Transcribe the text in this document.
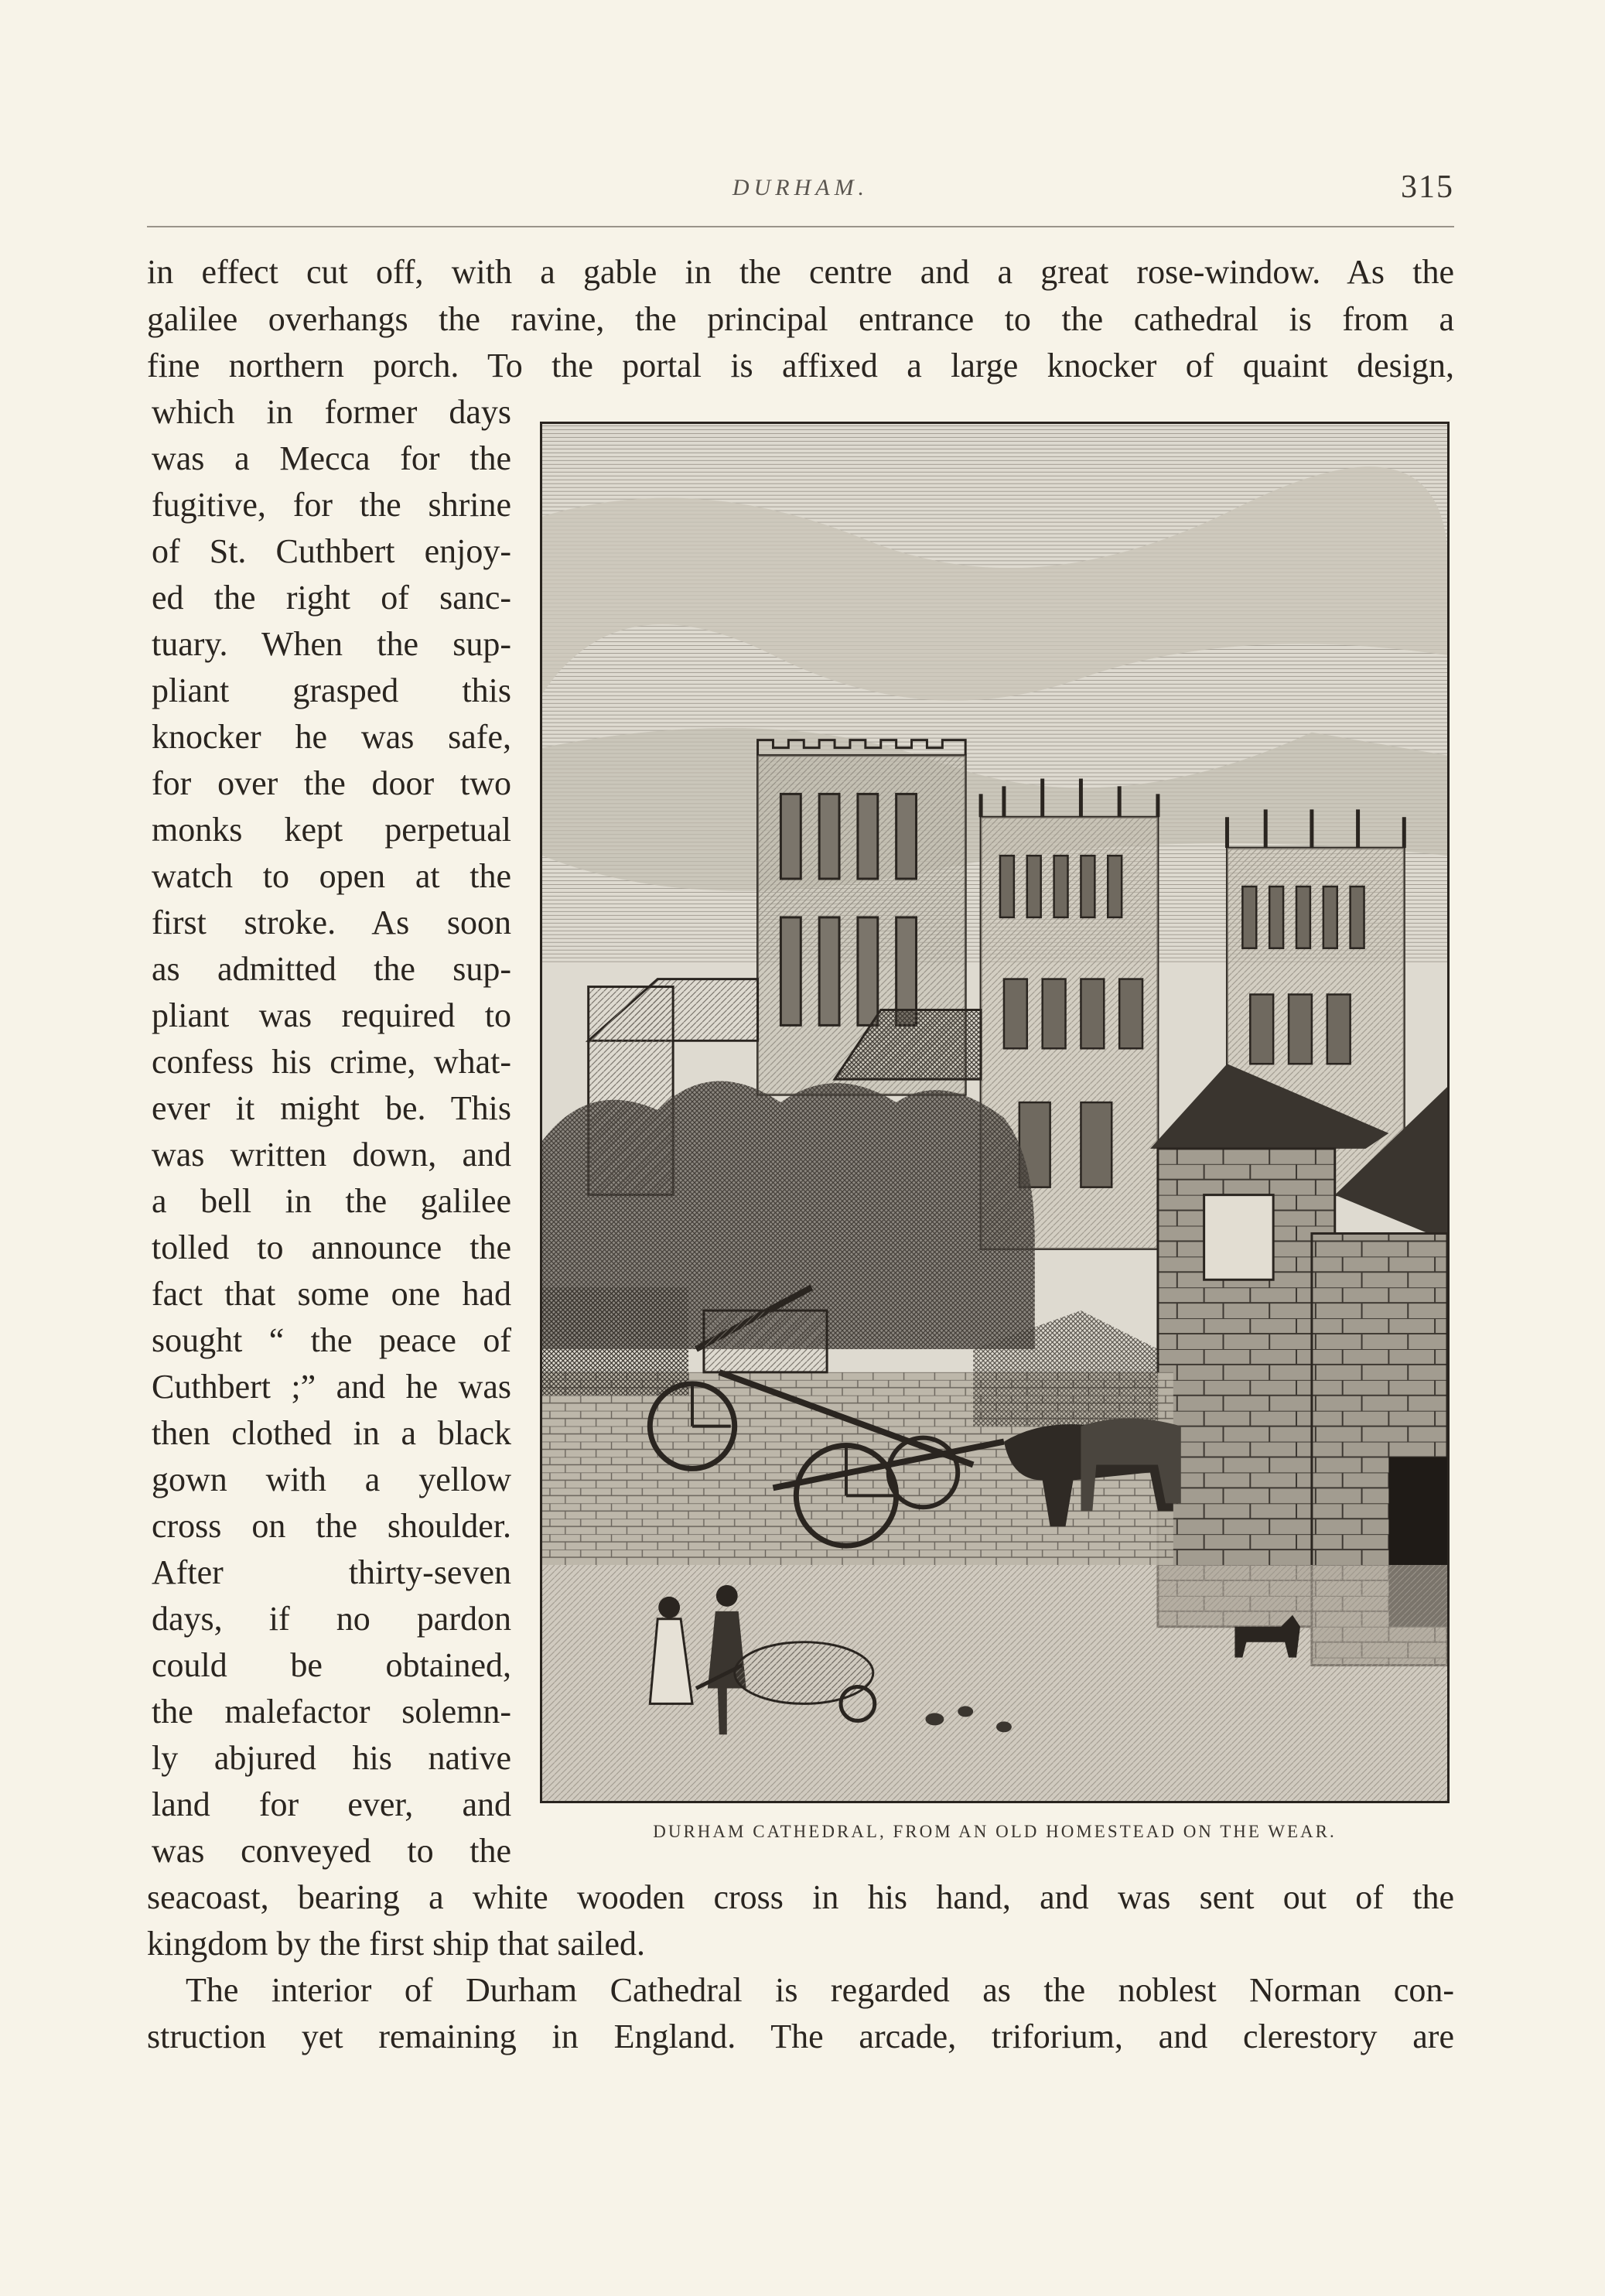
DURHAM.	315
in effect cut off, with a gable in the centre and a great rose-window. As the
galilee overhangs the ravine, the principal entrance to the cathedral is from a
fine northern porch. To the portal is affixed a large knocker of quaint design,
which in former days
was a Mecca for the
fugitive, for the shrine
of St. Cuthbert enjoy-
ed the right of sanc-
tuary. When the sup-
pliant grasped this
knocker he was safe,
for over the door two
monks kept perpetual
watch to open at the
first stroke. As soon
as admitted the sup-
pliant was required to
confess his crime, what-
ever it might be. This
was written down, and
a bell in the galilee
tolled to announce the
fact that some one had
sought “ the peace of
Cuthbert ;” and he was
then clothed in a black
gown with a yellow
cross on the shoulder.
After thirty-seven
days, if no pardon
could be obtained,
the malefactor solemn-
ly abjured his native
land for ever, and
was conveyed to the
seacoast, bearing a white wooden cross in his hand, and was sent out of the
kingdom by the first ship that sailed.
The interior of Durham Cathedral is regarded as the noblest Norman con-
struction yet remaining in England. The arcade, triforium, and clerestory are
DURHAM CATHEDRAL, FROM AN OLD HOMESTEAD ON THE WEAR.
